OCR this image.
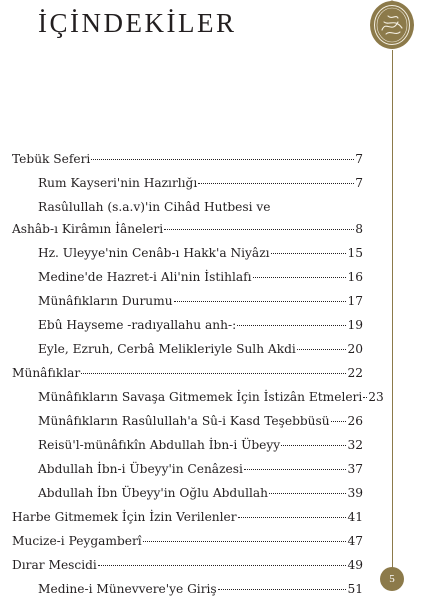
İÇİNDEKİLER
Tebük Seferi	7
Rum Kayseri'nin Hazırlığı	7
Rasûlullah (s.a.v)'in Cihâd Hutbesi ve
Ashâb-ı Kirâmın İâneleri	8
Hz. Uleyye'nin Cenâb-ı Hakk'a Niyâzı	15
Medine'de Hazret-i Ali'nin İstihlafı	16
Münâfıkların Durumu	17
Ebû Hayseme -radıyallahu anh-:	19
Eyle, Ezruh, Cerbâ Melikleriyle Sulh Akdi	20
Münâfıklar	22
Münâfıkların Savaşa Gitmemek İçin İstizân Etmeleri 23
Münâfıkların Rasûlullah'a Sû-i Kasd Teşebbüsü 26
Reisü'l-münâfıkîn Abdullah İbn-i Übeyy	32
Abdullah İbn-i Übeyy'in Cenâzesi	37
Abdullah İbn Übeyy'in Oğlu Abdullah	39
Harbe Gitmemek İçin İzin Verilenler	41
Mucize-i Peygamberî	47
Dırar Mescidi	49
Medine-i Münevvere'ye Giriş	51
5
